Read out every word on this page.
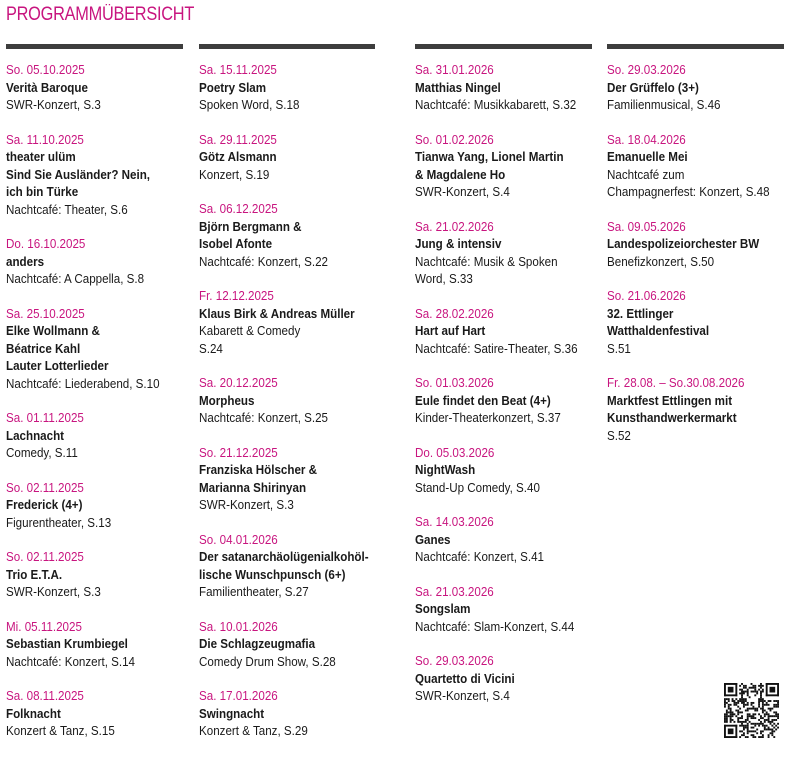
PROGRAMMÜBERSICHT
So. 05.10.2025
Verità Baroque
SWR-Konzert, S.3
Sa. 11.10.2025
theater ulüm
Sind Sie Ausländer? Nein,
ich bin Türke
Nachtcafé: Theater, S.6
Do. 16.10.2025
anders
Nachtcafé: A Cappella, S.8
Sa. 25.10.2025
Elke Wollmann &
Béatrice Kahl
Lauter Lotterlieder
Nachtcafé: Liederabend, S.10
Sa. 01.11.2025
Lachnacht
Comedy, S.11
So. 02.11.2025
Frederick (4+)
Figurentheater, S.13
So. 02.11.2025
Trio E.T.A.
SWR-Konzert, S.3
Mi. 05.11.2025
Sebastian Krumbiegel
Nachtcafé: Konzert, S.14
Sa. 08.11.2025
Folknacht
Konzert & Tanz, S.15
Sa. 15.11.2025
Poetry Slam
Spoken Word, S.18
Sa. 29.11.2025
Götz Alsmann
Konzert, S.19
Sa. 06.12.2025
Björn Bergmann &
Isobel Afonte
Nachtcafé: Konzert, S.22
Fr. 12.12.2025
Klaus Birk & Andreas Müller
Kabarett & Comedy
S.24
Sa. 20.12.2025
Morpheus
Nachtcafé: Konzert, S.25
So. 21.12.2025
Franziska Hölscher &
Marianna Shirinyan
SWR-Konzert, S.3
So. 04.01.2026
Der satanarchäolügenialkohöl-
lische Wunschpunsch (6+)
Familientheater, S.27
Sa. 10.01.2026
Die Schlagzeugmafia
Comedy Drum Show, S.28
Sa. 17.01.2026
Swingnacht
Konzert & Tanz, S.29
Sa. 31.01.2026
Matthias Ningel
Nachtcafé: Musikkabarett, S.32
So. 01.02.2026
Tianwa Yang, Lionel Martin
& Magdalene Ho
SWR-Konzert, S.4
Sa. 21.02.2026
Jung & intensiv
Nachtcafé: Musik & Spoken
Word, S.33
Sa. 28.02.2026
Hart auf Hart
Nachtcafé: Satire-Theater, S.36
So. 01.03.2026
Eule findet den Beat (4+)
Kinder-Theaterkonzert, S.37
Do. 05.03.2026
NightWash
Stand-Up Comedy, S.40
Sa. 14.03.2026
Ganes
Nachtcafé: Konzert, S.41
Sa. 21.03.2026
Songslam
Nachtcafé: Slam-Konzert, S.44
So. 29.03.2026
Quartetto di Vicini
SWR-Konzert, S.4
So. 29.03.2026
Der Grüffelo (3+)
Familienmusical, S.46
Sa. 18.04.2026
Emanuelle Mei
Nachtcafé zum
Champagnerfest: Konzert, S.48
Sa. 09.05.2026
Landespolizeiorchester BW
Benefizkonzert, S.50
So. 21.06.2026
32. Ettlinger
Watthaldenfestival
S.51
Fr. 28.08. – So.30.08.2026
Marktfest Ettlingen mit
Kunsthandwerkermarkt
S.52
